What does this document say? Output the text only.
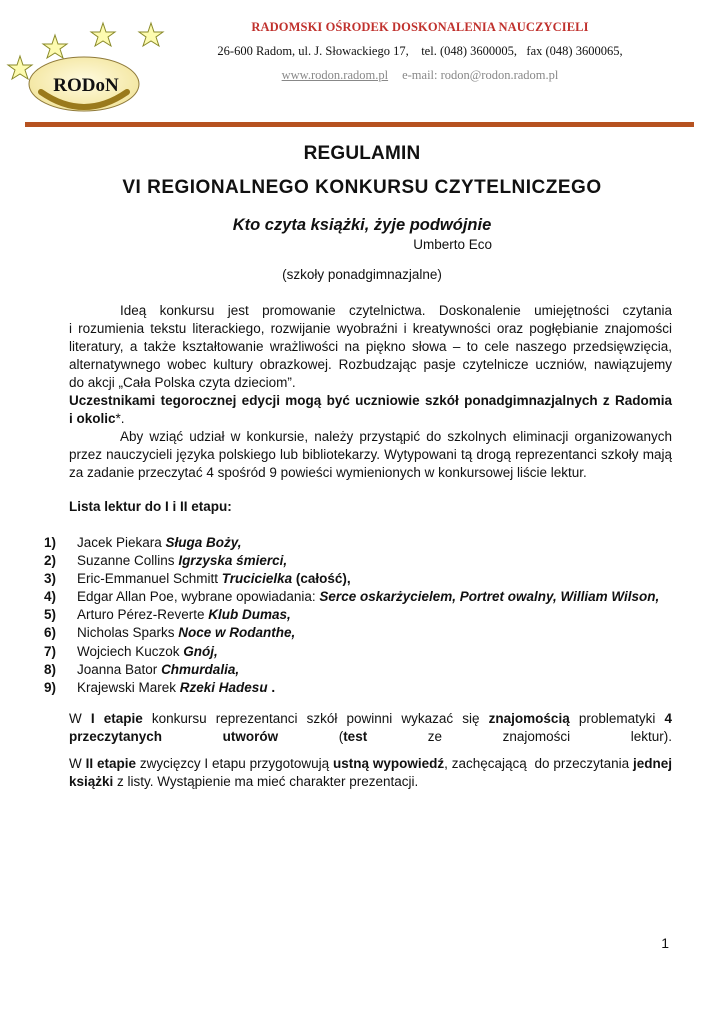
RODoN
RADOMSKI OŚRODEK DOSKONALENIA NAUCZYCIELI
26-600 Radom, ul. J. Słowackiego 17,    tel. (048) 3600005,   fax (048) 3600065,
www.rodon.radom.pl e-mail: rodon@rodon.radom.pl
REGULAMIN
VI REGIONALNEGO KONKURSU CZYTELNICZEGO
Kto czyta książki, żyje podwójnie
Umberto Eco
(szkoły ponadgimnazjalne)
Ideą konkursu jest promowanie czytelnictwa. Doskonalenie umiejętności czytania
i rozumienia tekstu literackiego, rozwijanie wyobraźni i kreatywności oraz pogłębianie znajomości
literatury, a także kształtowanie wrażliwości na piękno słowa – to cele naszego przedsięwzięcia,
alternatywnego wobec kultury obrazkowej. Rozbudzając pasje czytelnicze uczniów, nawiązujemy
do akcji „Cała Polska czyta dzieciom”.
Uczestnikami tegorocznej edycji mogą być uczniowie szkół ponadgimnazjalnych z Radomia
i okolic*.
Aby wziąć udział w konkursie, należy przystąpić do szkolnych eliminacji organizowanych
przez nauczycieli języka polskiego lub bibliotekarzy. Wytypowani tą drogą reprezentanci szkoły mają
za zadanie przeczytać 4 spośród 9 powieści wymienionych w konkursowej liście lektur.
Lista lektur do I i II etapu:
1)	Jacek Piekara Sługa Boży,
2)	Suzanne Collins Igrzyska śmierci,
3)	Eric-Emmanuel Schmitt Trucicielka (całość),
4)	Edgar Allan Poe, wybrane opowiadania: Serce oskarżycielem, Portret owalny, William Wilson,
5)	Arturo Pérez-Reverte Klub Dumas,
6)	Nicholas Sparks Noce w Rodanthe,
7)	Wojciech Kuczok Gnój,
8)	Joanna Bator Chmurdalia,
9)	Krajewski Marek Rzeki Hadesu .
W I etapie konkursu reprezentanci szkół powinni wykazać się znajomością problematyki 4 przeczytanych utworów (test ze znajomości lektur).
W II etapie zwycięzcy I etapu przygotowują ustną wypowiedź, zachęcającą  do przeczytania jednej książki z listy. Wystąpienie ma mieć charakter prezentacji.
1
